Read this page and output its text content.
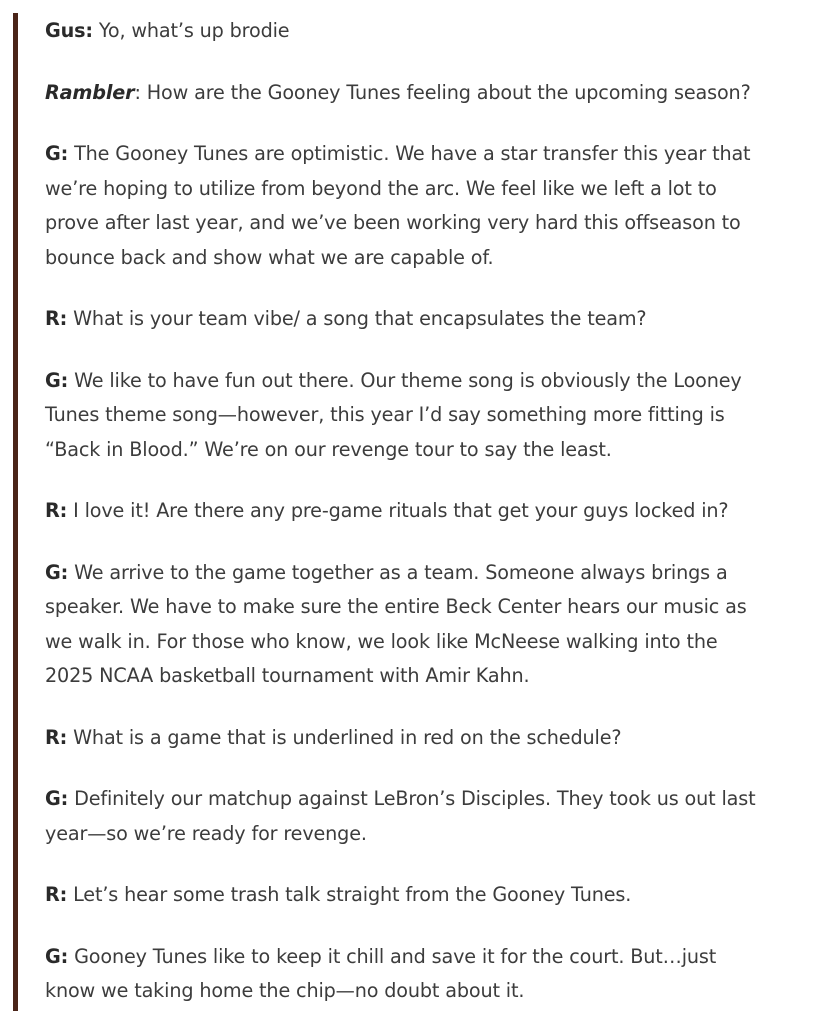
Gus: Yo, what’s up brodie

Rambler: How are the Gooney Tunes feeling about the upcoming season?

G: The Gooney Tunes are optimistic. We have a star transfer this year that we’re hoping to utilize from beyond the arc. We feel like we left a lot to prove after last year, and we’ve been working very hard this offseason to bounce back and show what we are capable of.

R: What is your team vibe/ a song that encapsulates the team?

G: We like to have fun out there. Our theme song is obviously the Looney Tunes theme song—however, this year I’d say something more fitting is “Back in Blood.” We’re on our revenge tour to say the least.

R: I love it! Are there any pre-game rituals that get your guys locked in?

G: We arrive to the game together as a team. Someone always brings a speaker. We have to make sure the entire Beck Center hears our music as we walk in. For those who know, we look like McNeese walking into the 2025 NCAA basketball tournament with Amir Kahn.

R: What is a game that is underlined in red on the schedule?

G: Definitely our matchup against LeBron’s Disciples. They took us out last year—so we’re ready for revenge.

R: Let’s hear some trash talk straight from the Gooney Tunes.

G: Gooney Tunes like to keep it chill and save it for the court. But…just know we taking home the chip—no doubt about it.
